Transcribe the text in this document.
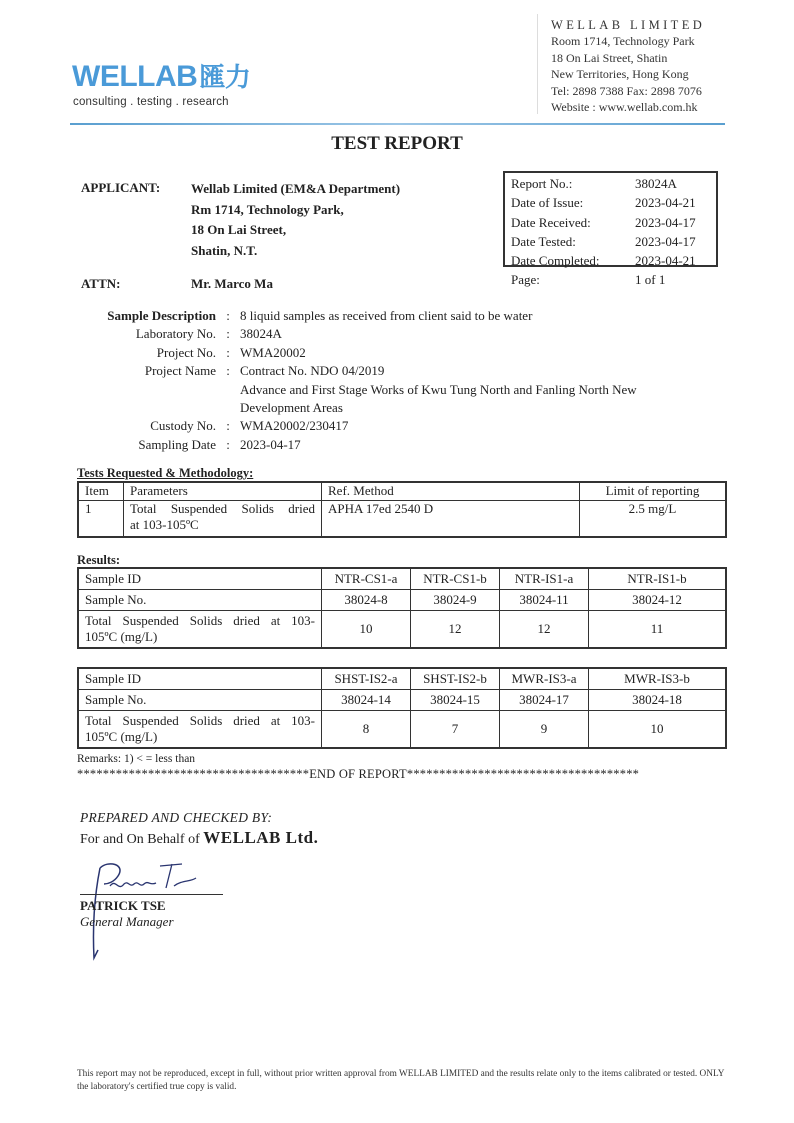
WELLAB匯力
consulting . testing . research
WELLAB LIMITED
Room 1714, Technology Park
18 On Lai Street, Shatin
New Territories, Hong Kong
Tel: 2898 7388 Fax: 2898 7076
Website : www.wellab.com.hk
TEST REPORT
APPLICANT: Wellab Limited (EM&A Department)
Rm 1714, Technology Park,
18 On Lai Street,
Shatin, N.T.
ATTN:	Mr. Marco Ma
Report No.:	38024A
Date of Issue:	2023-04-21
Date Received:	2023-04-17
Date Tested:	2023-04-17
Date Completed:	2023-04-21
Page:	1 of 1
Sample Description : 8 liquid samples as received from client said to be water
Laboratory No. : 38024A
Project No. : WMA20002
Project Name : Contract No. NDO 04/2019
Advance and First Stage Works of Kwu Tung North and Fanling North New
Development Areas
Custody No. : WMA20002/230417
Sampling Date : 2023-04-17
Tests Requested & Methodology:
Item	Parameters	Ref. Method	Limit of reporting
1	Total Suspended Solids dried
at 103-105ºC	APHA 17ed 2540 D	2.5 mg/L
Results:
Sample ID	NTR-CS1-a	NTR-CS1-b	NTR-IS1-a	NTR-IS1-b
Sample No.	38024-8	38024-9	38024-11	38024-12

Total Suspended Solids dried at 103-
105ºC (mg/L)	10	12	12	11
Sample ID	SHST-IS2-a	SHST-IS2-b	MWR-IS3-a	MWR-IS3-b
Sample No.	38024-14	38024-15	38024-17	38024-18

Total Suspended Solids dried at 103-
105ºC (mg/L)	8	7	9	10
Remarks: 1) < = less than
************************************END OF REPORT************************************
PREPARED AND CHECKED BY:
For and On Behalf of WELLAB Ltd.
PATRICK TSE
General Manager
This report may not be reproduced, except in full, without prior written approval from WELLAB LIMITED and the results relate only to the items calibrated or tested. ONLY the laboratory's certified true copy is valid.
